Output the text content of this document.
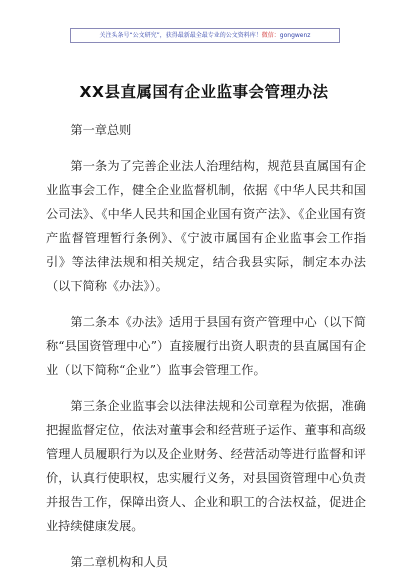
关注头条号“公文研究”，获得最新最全最专业的公文资料库！微信：gongwenz
XX县直属国有企业监事会管理办法

第一章总则

第一条为了完善企业法人治理结构，规范县直属国有企业监事会工作，健全企业监督机制，依据《中华人民共和国公司法》、《中华人民共和国企业国有资产法》、《企业国有资产监督管理暂行条例》、《宁波市属国有企业监事会工作指引》等法律法规和相关规定，结合我县实际，制定本办法（以下简称《办法》）。

第二条本《办法》适用于县国有资产管理中心（以下简称“县国资管理中心”）直接履行出资人职责的县直属国有企业（以下简称“企业”）监事会管理工作。

第三条企业监事会以法律法规和公司章程为依据，准确把握监督定位，依法对董事会和经营班子运作、董事和高级管理人员履职行为以及企业财务、经营活动等进行监督和评价，认真行使职权，忠实履行义务，对县国资管理中心负责并报告工作，保障出资人、企业和职工的合法权益，促进企业持续健康发展。

第二章机构和人员
